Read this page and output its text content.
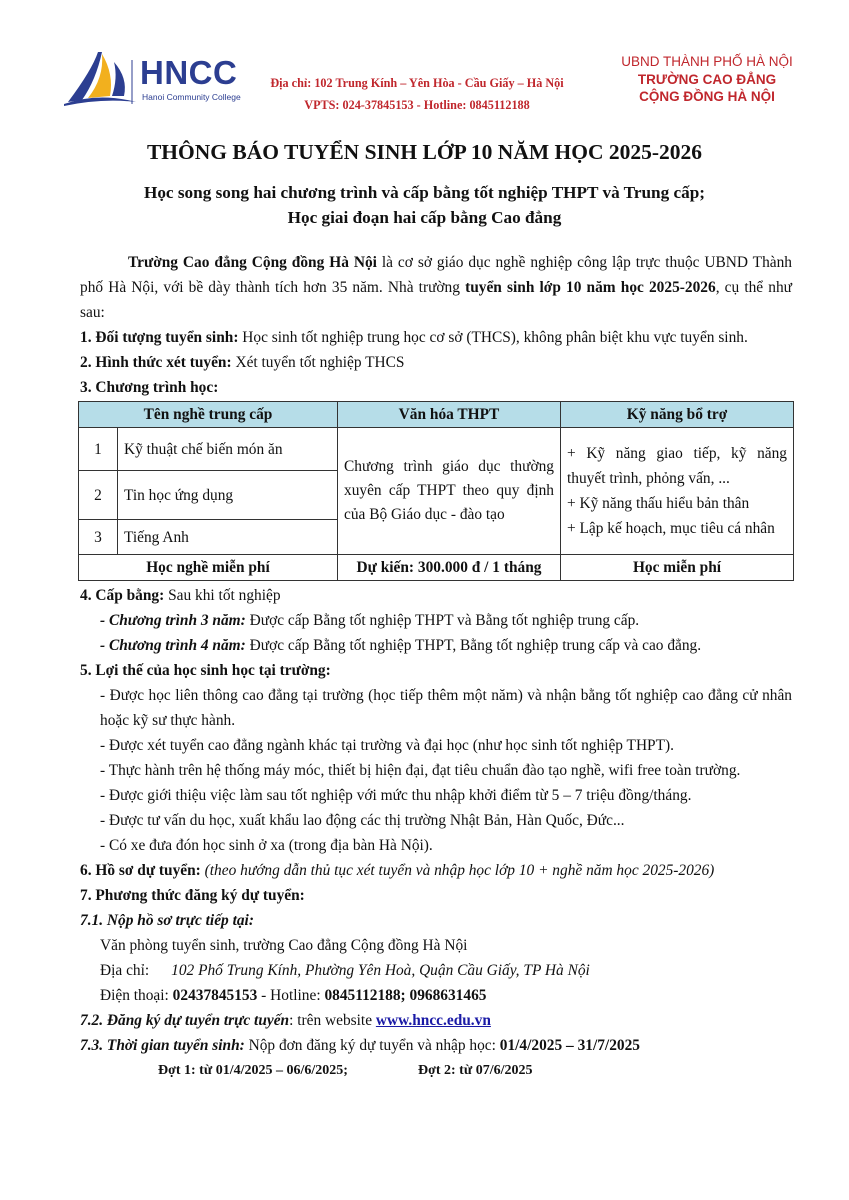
HNCC
Hanoi Community College
Địa chỉ: 102 Trung Kính – Yên Hòa - Cầu Giấy – Hà Nội
VPTS: 024-37845153 - Hotline: 0845112188
UBND THÀNH PHỐ HÀ NỘI
TRƯỜNG CAO ĐẲNG
CỘNG ĐỒNG HÀ NỘI
THÔNG BÁO TUYỂN SINH LỚP 10 NĂM HỌC 2025-2026
Học song song hai chương trình và cấp bằng tốt nghiệp THPT và Trung cấp;
Học giai đoạn hai cấp bằng Cao đẳng

Trường Cao đẳng Cộng đồng Hà Nội là cơ sở giáo dục nghề nghiệp công lập trực thuộc UBND Thành phố Hà Nội, với bề dày thành tích hơn 35 năm. Nhà trường tuyển sinh lớp 10 năm học 2025-2026, cụ thể như sau:

1. Đối tượng tuyển sinh: Học sinh tốt nghiệp trung học cơ sở (THCS), không phân biệt khu vực tuyển sinh.

2. Hình thức xét tuyển: Xét tuyển tốt nghiệp THCS

3. Chương trình học:

Tên nghề trung cấp		Văn hóa THPT	Kỹ năng bổ trợ
1	Kỹ thuật chế biến món ăn	Chương trình giáo dục thường xuyên cấp THPT theo quy định của Bộ Giáo dục - đào tạo	+ Kỹ năng giao tiếp, kỹ năng thuyết trình, phỏng vấn, ...
+ Kỹ năng thấu hiểu bản thân
+ Lập kế hoạch, mục tiêu cá nhân

2	Tin học ứng dụng		
3	Tiếng Anh		
Học nghề miễn phí		Dự kiến: 300.000 đ / 1 tháng	Học miễn phí

4. Cấp bằng: Sau khi tốt nghiệp

- Chương trình 3 năm: Được cấp Bằng tốt nghiệp THPT và Bằng tốt nghiệp trung cấp.

- Chương trình 4 năm: Được cấp Bằng tốt nghiệp THPT, Bằng tốt nghiệp trung cấp và cao đẳng.

5. Lợi thế của học sinh học tại trường:

- Được học liên thông cao đẳng tại trường (học tiếp thêm một năm) và nhận bằng tốt nghiệp cao đẳng cử nhân hoặc kỹ sư thực hành.

- Được xét tuyển cao đẳng ngành khác tại trường và đại học (như học sinh tốt nghiệp THPT).

- Thực hành trên hệ thống máy móc, thiết bị hiện đại, đạt tiêu chuẩn đào tạo nghề, wifi free toàn trường.

- Được giới thiệu việc làm sau tốt nghiệp với mức thu nhập khởi điểm từ 5 – 7 triệu đồng/tháng.

- Được tư vấn du học, xuất khẩu lao động các thị trường Nhật Bản, Hàn Quốc, Đức...

- Có xe đưa đón học sinh ở xa (trong địa bàn Hà Nội).

6. Hồ sơ dự tuyển: (theo hướng dẫn thủ tục xét tuyển và nhập học lớp 10 + nghề năm học 2025-2026)

7. Phương thức đăng ký dự tuyển:

7.1. Nộp hồ sơ trực tiếp tại:

Văn phòng tuyển sinh, trường Cao đẳng Cộng đồng Hà Nội

Địa chỉ: 102 Phố Trung Kính, Phường Yên Hoà, Quận Cầu Giấy, TP Hà Nội

Điện thoại: 02437845153 - Hotline: 0845112188; 0968631465

7.2. Đăng ký dự tuyển trực tuyến: trên website www.hncc.edu.vn

7.3. Thời gian tuyển sinh: Nộp đơn đăng ký dự tuyển và nhập học: 01/4/2025 – 31/7/2025

Đợt 1: từ 01/4/2025 – 06/6/2025;	Đợt 2: từ 07/6/2025
